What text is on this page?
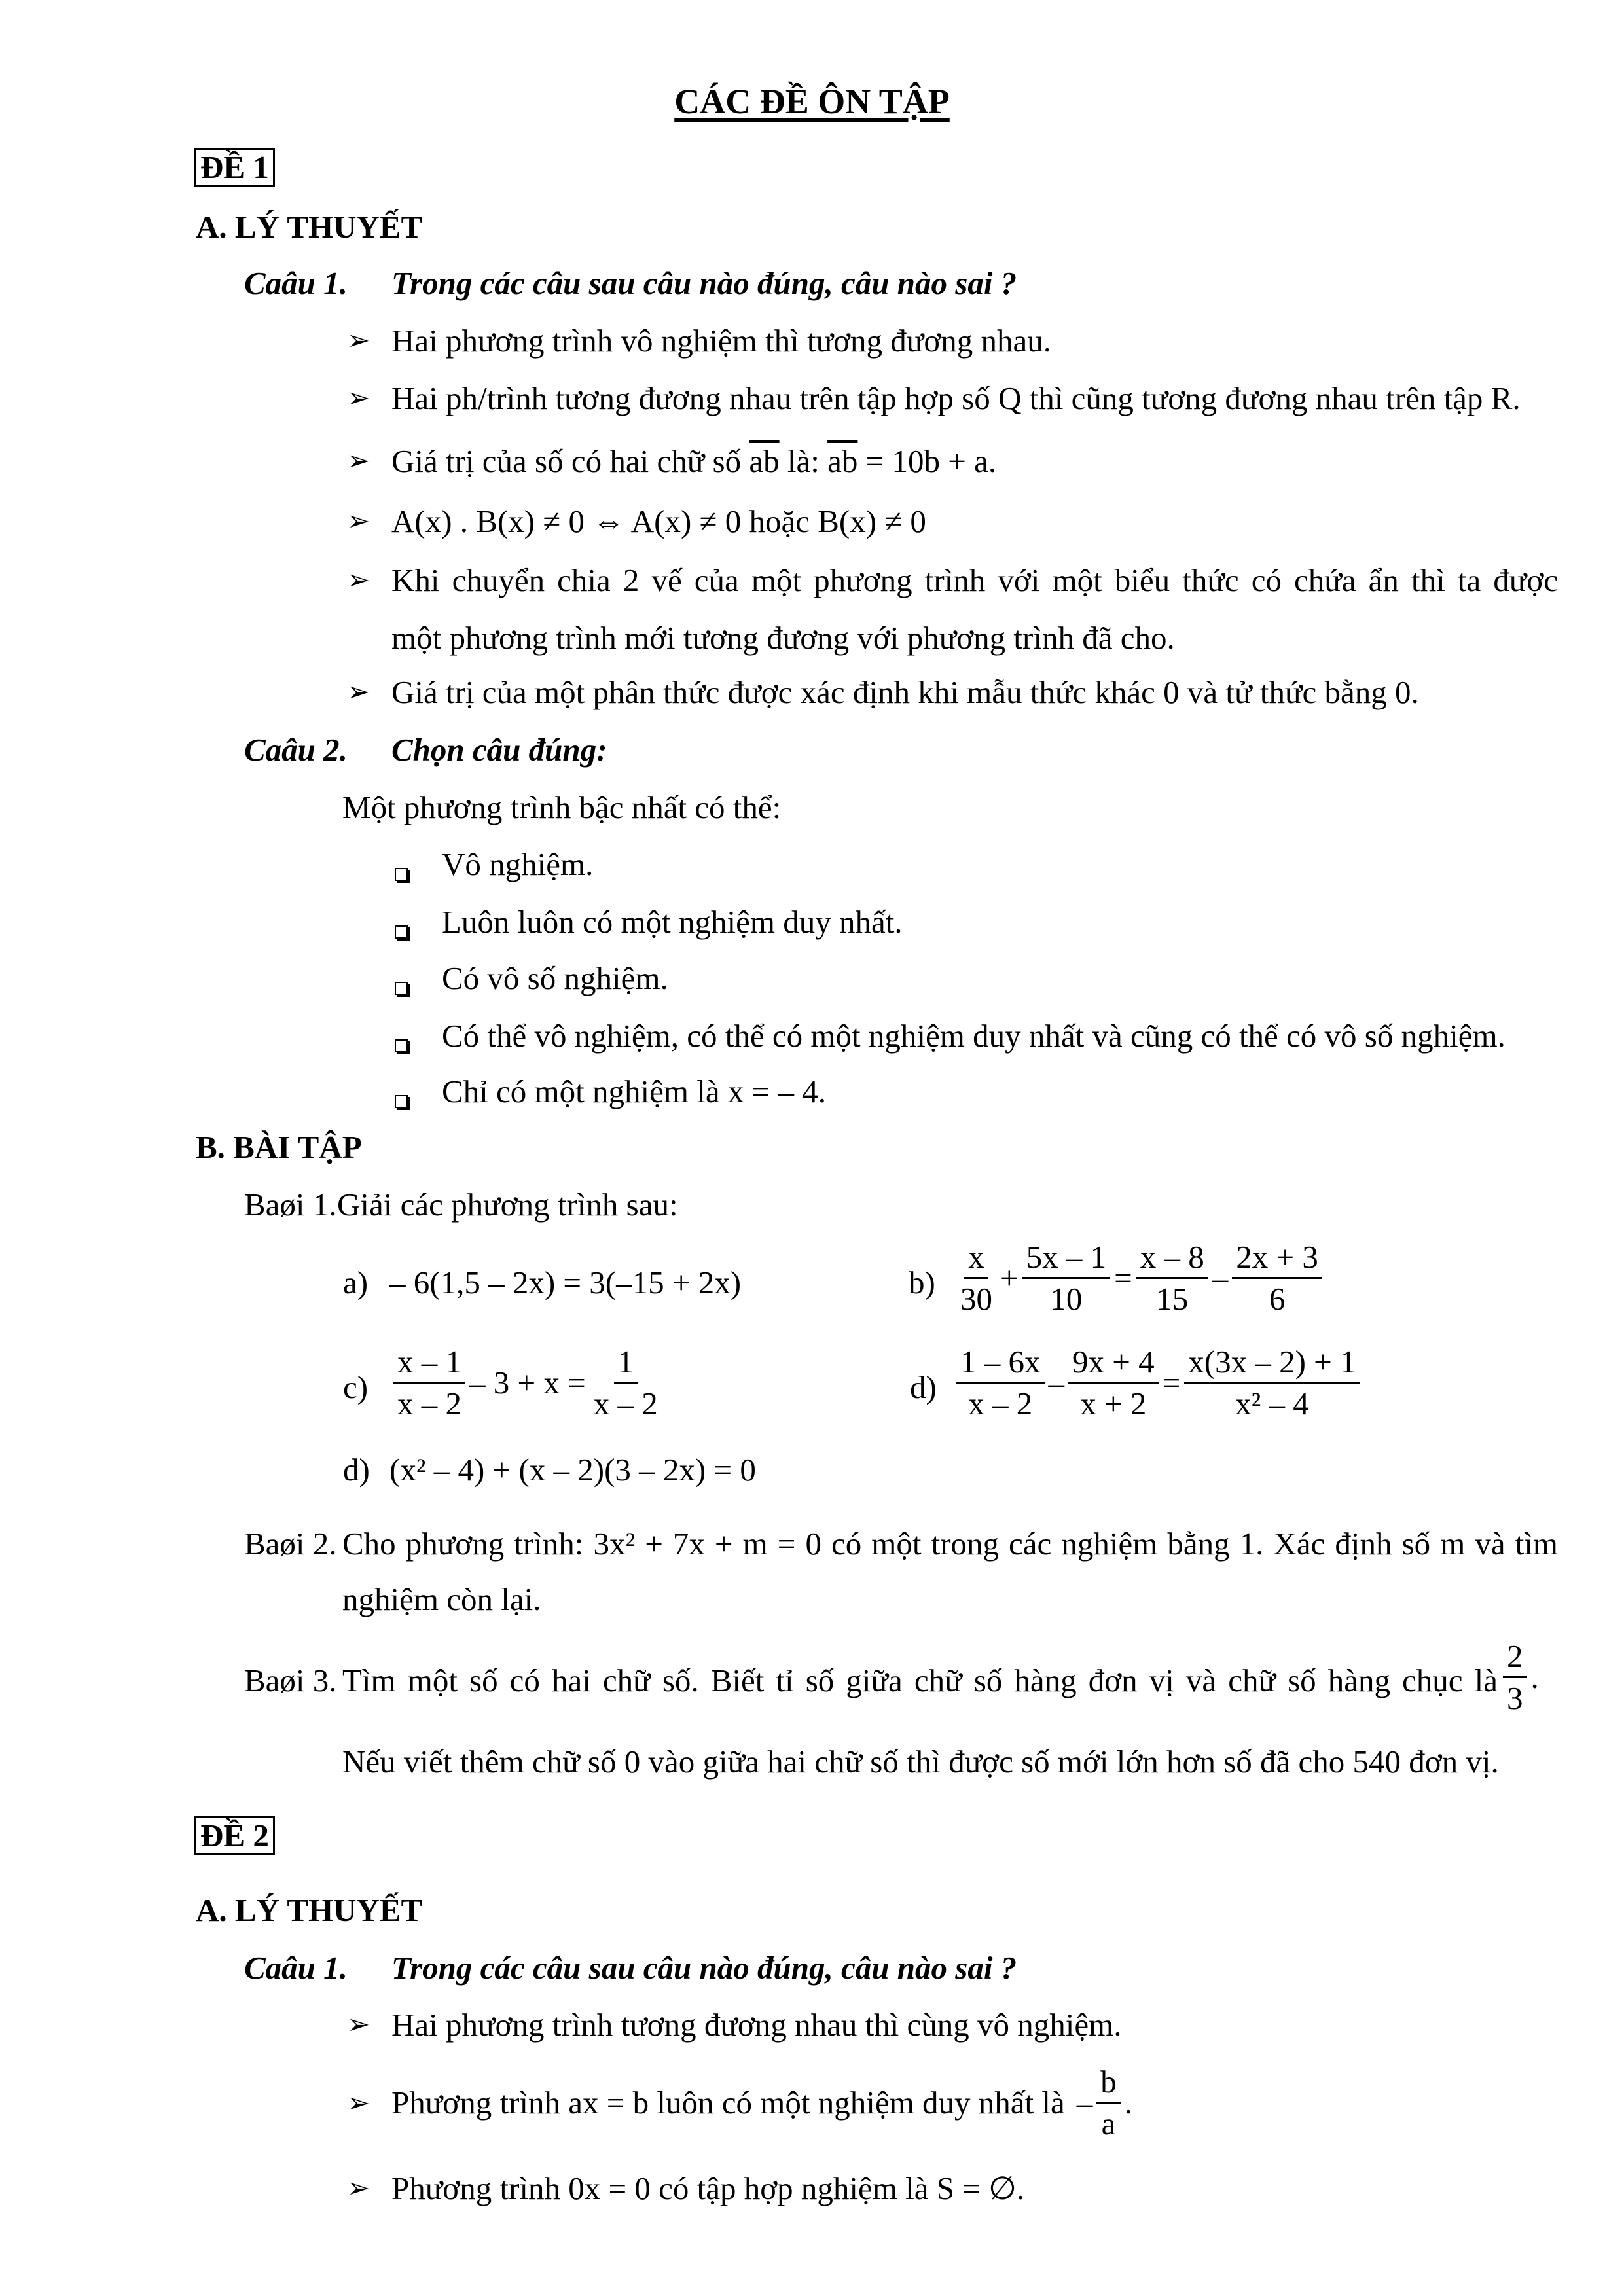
CÁC ĐỀ ÔN TẬP
ĐỀ 1
A. LÝ THUYẾT
Caâu 1. Trong các câu sau câu nào đúng, câu nào sai ?
➢ Hai phương trình vô nghiệm thì tương đương nhau.
➢ Hai ph/trình tương đương nhau trên tập hợp số Q thì cũng tương đương nhau trên tập R.
➢ Giá trị của số có hai chữ số $\overline{ab}$ là: $\overline{ab} = 10b + a$.
➢ A(x) . B(x) ≠ 0 ⇔ A(x) ≠ 0 hoặc B(x) ≠ 0
➢ Khi chuyển chia 2 vế của một phương trình với một biểu thức có chứa ẩn thì ta được
một phương trình mới tương đương với phương trình đã cho.
➢ Giá trị của một phân thức được xác định khi mẫu thức khác 0 và tử thức bằng 0.
Caâu 2. Chọn câu đúng:
Một phương trình bậc nhất có thể:
Vô nghiệm.
Luôn luôn có một nghiệm duy nhất.
Có vô số nghiệm.
Có thể vô nghiệm, có thể có một nghiệm duy nhất và cũng có thể có vô số nghiệm.
Chỉ có một nghiệm là x = – 4.
B. BÀI TẬP
Baøi 1. Giải các phương trình sau:
a) – 6(1,5 – 2x) = 3(–15 + 2x)	$b) \frac{x}{30} + \frac{5x - 1}{10} = \frac{x - 8}{15} - \frac{2x + 3}{6}$
$c) \frac{x - 1}{x - 2} - 3 + x = \frac{1}{x - 2}$	$d) \frac{1 - 6x}{x - 2} - \frac{9x + 4}{x + 2} = \frac{x(3x - 2) + 1}{\text{x² – 4}}$
d) (x² – 4) + (x – 2)(3 – 2x) = 0
Baøi 2. Cho phương trình: 3x² + 7x + m = 0 có một trong các nghiệm bằng 1. Xác định số m và tìm
nghiệm còn lại.
Baøi 3. Tìm một số có hai chữ số. Biết tỉ số giữa chữ số hàng đơn vị và chữ số hàng chục là $\frac{2}{3}$ .
Nếu viết thêm chữ số 0 vào giữa hai chữ số thì được số mới lớn hơn số đã cho 540 đơn vị.
ĐỀ 2
A. LÝ THUYẾT
Caâu 1. Trong các câu sau câu nào đúng, câu nào sai ?
➢ Hai phương trình tương đương nhau thì cùng vô nghiệm.
➢ Phương trình ax = b luôn có một nghiệm duy nhất là – $\frac{b}{a}$ .
➢ Phương trình 0x = 0 có tập hợp nghiệm là S = ∅.
